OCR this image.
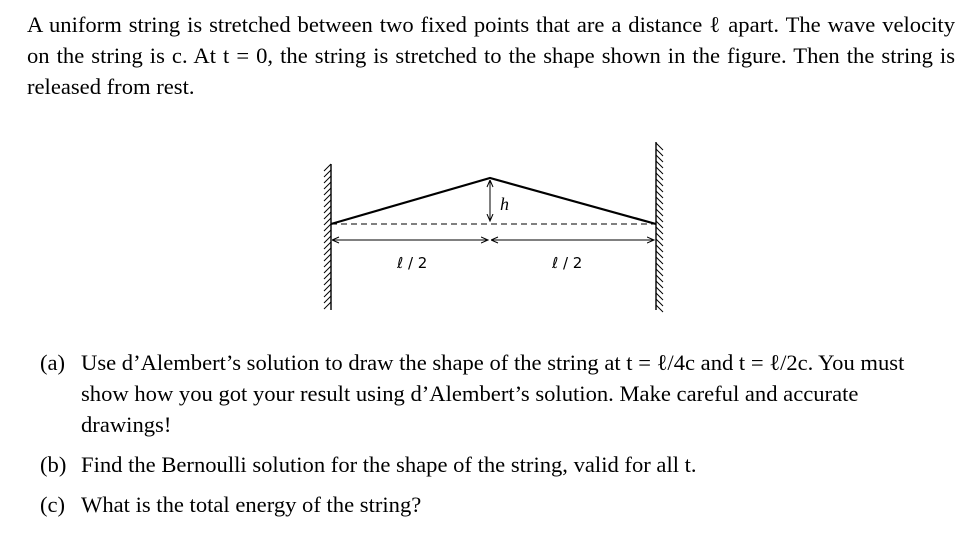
A uniform string is stretched between two fixed points that are a distance ℓ apart. The wave velocity on the string is c. At t = 0, the string is stretched to the shape shown in the figure. Then the string is released from rest.

h
ℓ / 2	ℓ / 2
(a) Use d’Alembert’s solution to draw the shape of the string at t = ℓ/4c and t = ℓ/2c. You must show how you got your result using d’Alembert’s solution. Make careful and accurate drawings!
(b) Find the Bernoulli solution for the shape of the string, valid for all t.
(c) What is the total energy of the string?
